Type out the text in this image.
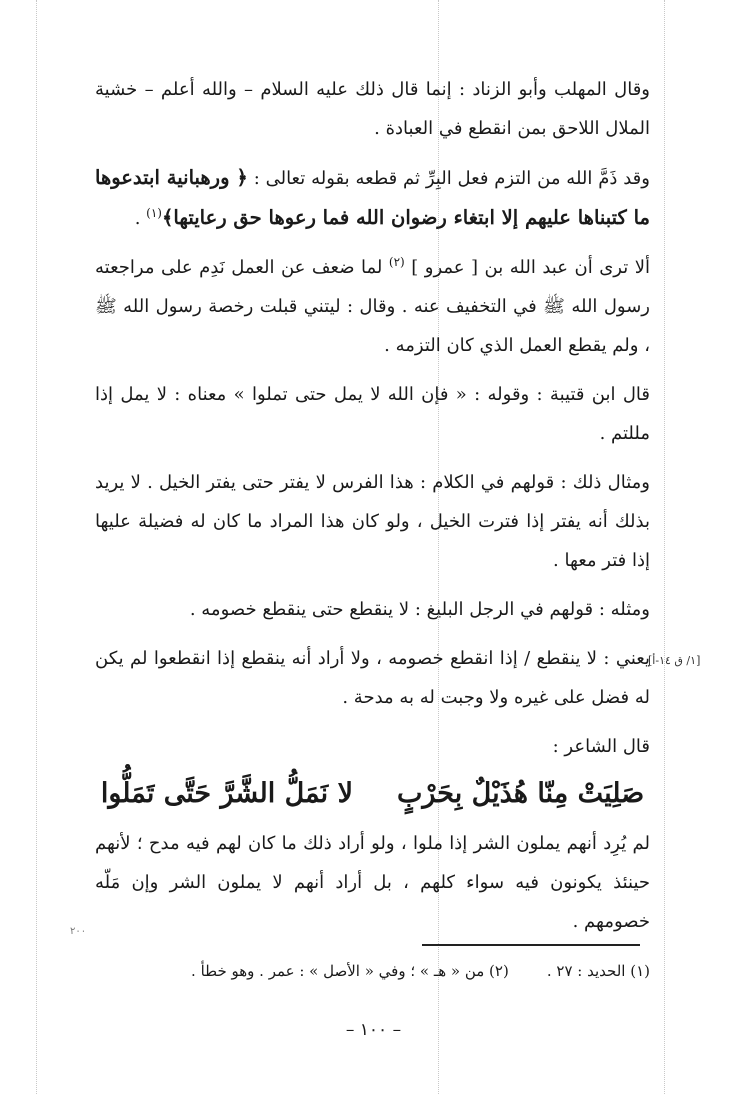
وقال المهلب وأبو الزناد : إنما قال ذلك عليه السلام – والله أعلم – خشية الملال اللاحق بمن انقطع في العبادة .

وقد ذَمَّ الله من التزم فعل البِرِّ ثم قطعه بقوله تعالى : ﴿ ورهبانية ابتدعوها ما كتبناها عليهم إلا ابتغاء رضوان الله فما رعوها حق رعايتها﴾$^{(١)}$ .

ألا ترى أن عبد الله بن [ عمرو ] $^{(٢)}$ لما ضعف عن العمل نَدِم على مراجعته رسول الله ﷺ في التخفيف عنه . وقال : ليتني قبلت رخصة رسول الله ﷺ ، ولم يقطع العمل الذي كان التزمه .

قال ابن قتيبة : وقوله : « فإن الله لا يمل حتى تملوا » معناه : لا يمل إذا مللتم .

ومثال ذلك : قولهم في الكلام : هذا الفرس لا يفتر حتى يفتر الخيل . لا يريد بذلك أنه يفتر إذا فترت الخيل ، ولو كان هذا المراد ما كان له فضيلة عليها إذا فتر معها .

ومثله : قولهم في الرجل البليغ : لا ينقطع حتى ينقطع خصومه .

يعني : لا ينقطع / إذا انقطع خصومه ، ولا أراد أنه ينقطع إذا انقطعوا لم يكن له فضل على غيره ولا وجبت له به مدحة .

قال الشاعر :

صَلِيَتْ مِنّا هُذَيْلٌ بِحَرْبٍ
لا نَمَلُّ الشَّرَّ حَتَّى تَمَلُّوا

لم يُرِد أنهم يملون الشر إذا ملوا ، ولو أراد ذلك ما كان لهم فيه مدح ؛ لأنهم حينئذ يكونون فيه سواء كلهم ، بل أراد أنهم لا يملون الشر وإن مَلّه خصومهم .

[١/ ق ١٤-أ]
٢٠٠
(١) الحديد : ٢٧ .(٢) من « هـ » ؛ وفي « الأصل » : عمر . وهو خطأ .
– ١٠٠ –
